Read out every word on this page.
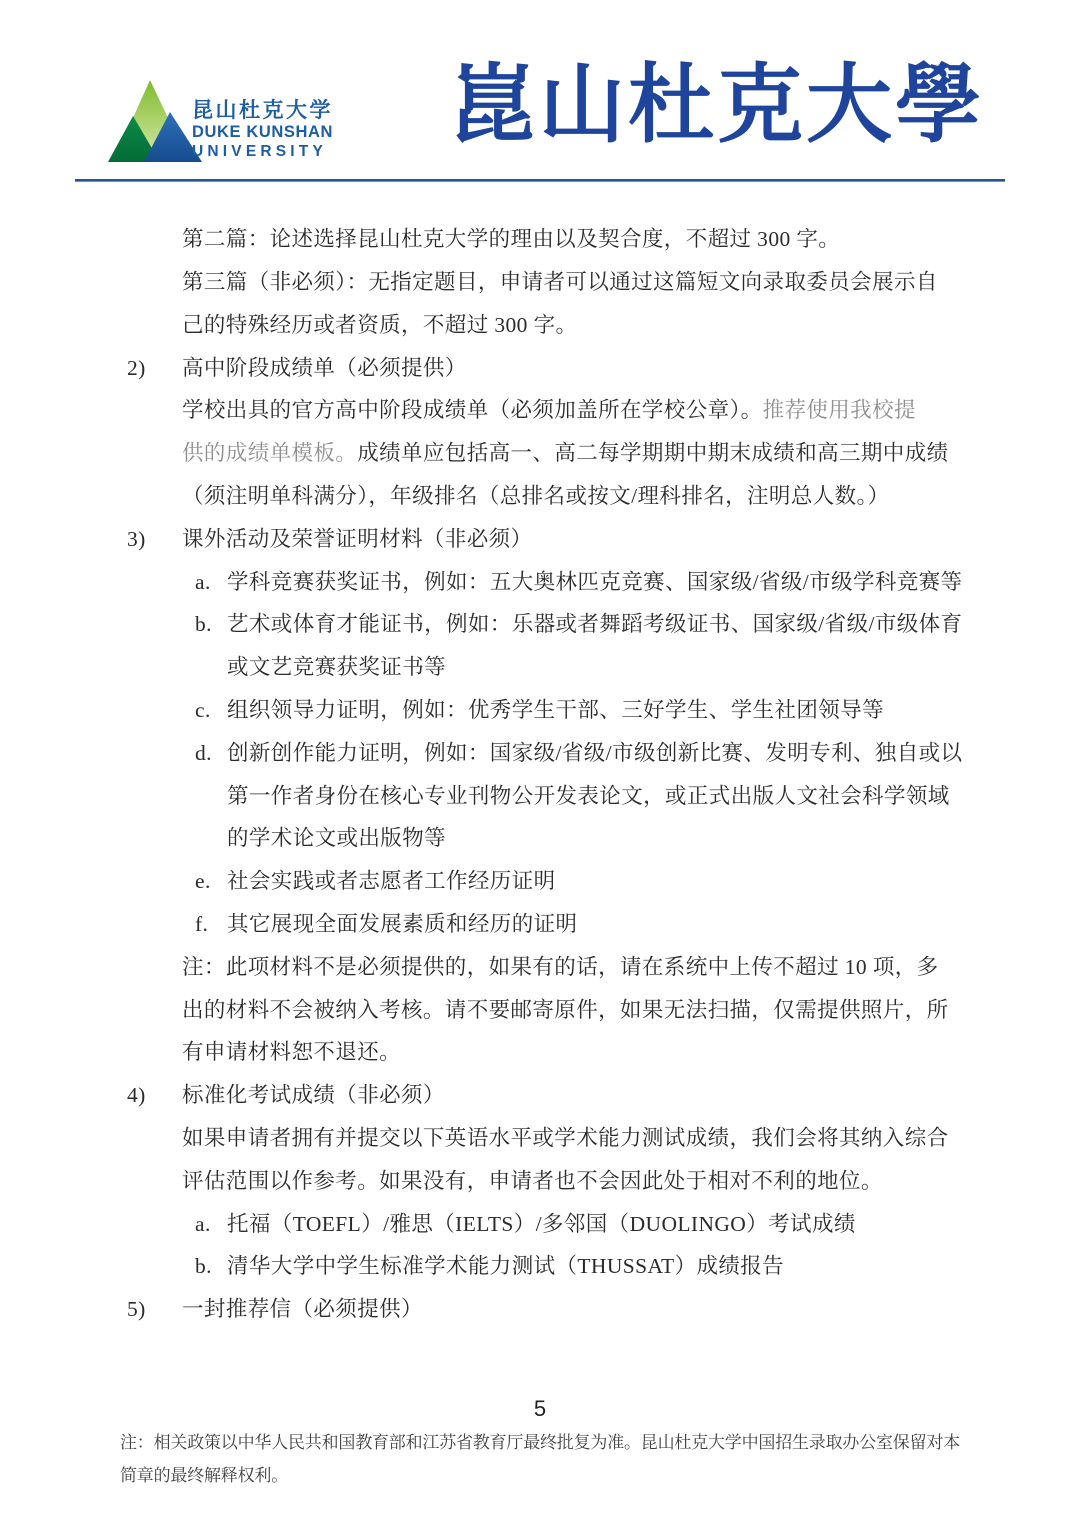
昆山杜克大学
DUKE KUNSHAN
UNIVERSITY 崑山杜克大學
第二篇：论述选择昆山杜克大学的理由以及契合度，不超过 300 字。
第三篇（非必须）：无指定题目，申请者可以通过这篇短文向录取委员会展示自
己的特殊经历或者资质，不超过 300 字。
2) 高中阶段成绩单（必须提供）
学校出具的官方高中阶段成绩单（必须加盖所在学校公章）。推荐使用我校提
供的成绩单模板。成绩单应包括高一、高二每学期期中期末成绩和高三期中成绩
（须注明单科满分），年级排名（总排名或按文/理科排名，注明总人数。）
3) 课外活动及荣誉证明材料（非必须）
a. 学科竞赛获奖证书，例如：五大奥林匹克竞赛、国家级/省级/市级学科竞赛等
b. 艺术或体育才能证书，例如：乐器或者舞蹈考级证书、国家级/省级/市级体育
或文艺竞赛获奖证书等
c. 组织领导力证明，例如：优秀学生干部、三好学生、学生社团领导等
d. 创新创作能力证明，例如：国家级/省级/市级创新比赛、发明专利、独自或以
第一作者身份在核心专业刊物公开发表论文，或正式出版人文社会科学领域
的学术论文或出版物等
e. 社会实践或者志愿者工作经历证明
f. 其它展现全面发展素质和经历的证明
注：此项材料不是必须提供的，如果有的话，请在系统中上传不超过 10 项，多
出的材料不会被纳入考核。请不要邮寄原件，如果无法扫描，仅需提供照片，所
有申请材料恕不退还。
4) 标准化考试成绩（非必须）
如果申请者拥有并提交以下英语水平或学术能力测试成绩，我们会将其纳入综合
评估范围以作参考。如果没有，申请者也不会因此处于相对不利的地位。
a. 托福（TOEFL）/雅思（IELTS）/多邻国（DUOLINGO）考试成绩
b. 清华大学中学生标准学术能力测试（THUSSAT）成绩报告
5) 一封推荐信（必须提供）
5
注：相关政策以中华人民共和国教育部和江苏省教育厅最终批复为准。昆山杜克大学中国招生录取办公室保留对本
简章的最终解释权利。
